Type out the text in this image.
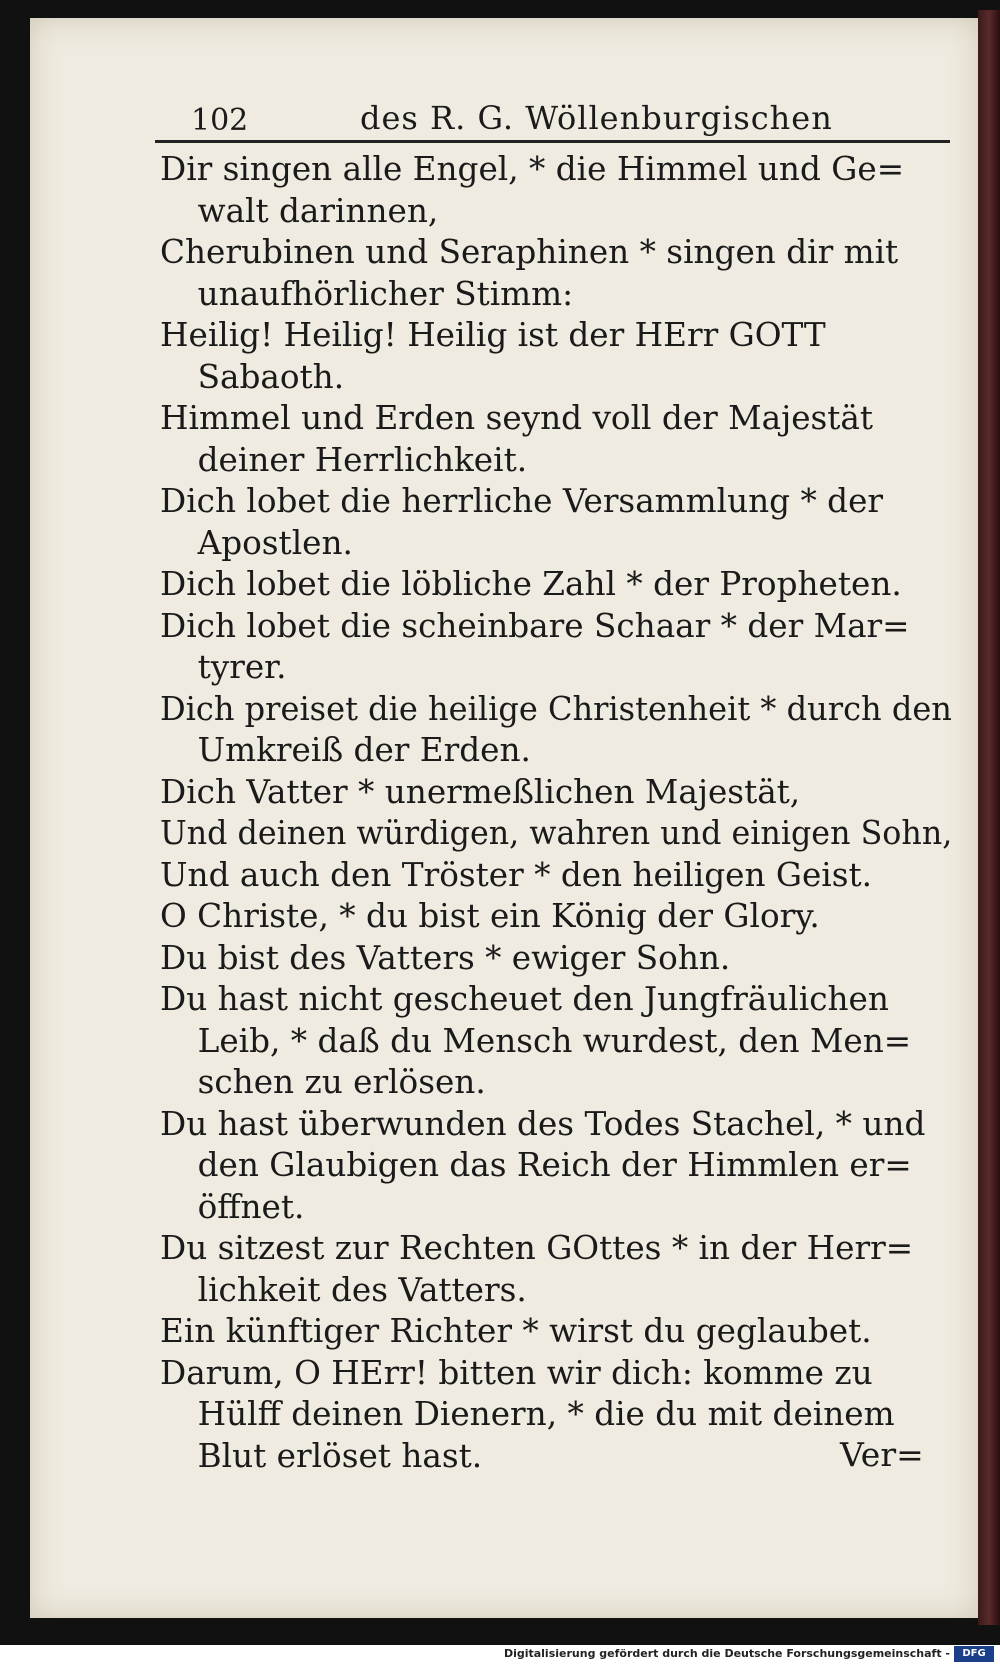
102	des R. G. Wöllenburgischen
Dir singen alle Engel, * die Himmel und Ge=
walt darinnen,
Cherubinen und Seraphinen * singen dir mit
unaufhörlicher Stimm:
Heilig! Heilig! Heilig ist der HErr GOTT
Sabaoth.
Himmel und Erden seynd voll der Majestät
deiner Herrlichkeit.
Dich lobet die herrliche Versammlung * der
Apostlen.
Dich lobet die löbliche Zahl * der Propheten.
Dich lobet die scheinbare Schaar * der Mar=
tyrer.
Dich preiset die heilige Christenheit * durch den
Umkreiß der Erden.
Dich Vatter * unermeßlichen Majestät,
Und deinen würdigen, wahren und einigen Sohn,
Und auch den Tröster * den heiligen Geist.
O Christe, * du bist ein König der Glory.
Du bist des Vatters * ewiger Sohn.
Du hast nicht gescheuet den Jungfräulichen
Leib, * daß du Mensch wurdest, den Men=
schen zu erlösen.
Du hast überwunden des Todes Stachel, * und
den Glaubigen das Reich der Himmlen er=
öffnet.
Du sitzest zur Rechten GOttes * in der Herr=
lichkeit des Vatters.
Ein künftiger Richter * wirst du geglaubet.
Darum, O HErr! bitten wir dich: komme zu
Hülff deinen Dienern, * die du mit deinem
Blut erlöset hast.	Ver=
Digitalisierung gefördert durch die Deutsche Forschungsgemeinschaft -	DFG
